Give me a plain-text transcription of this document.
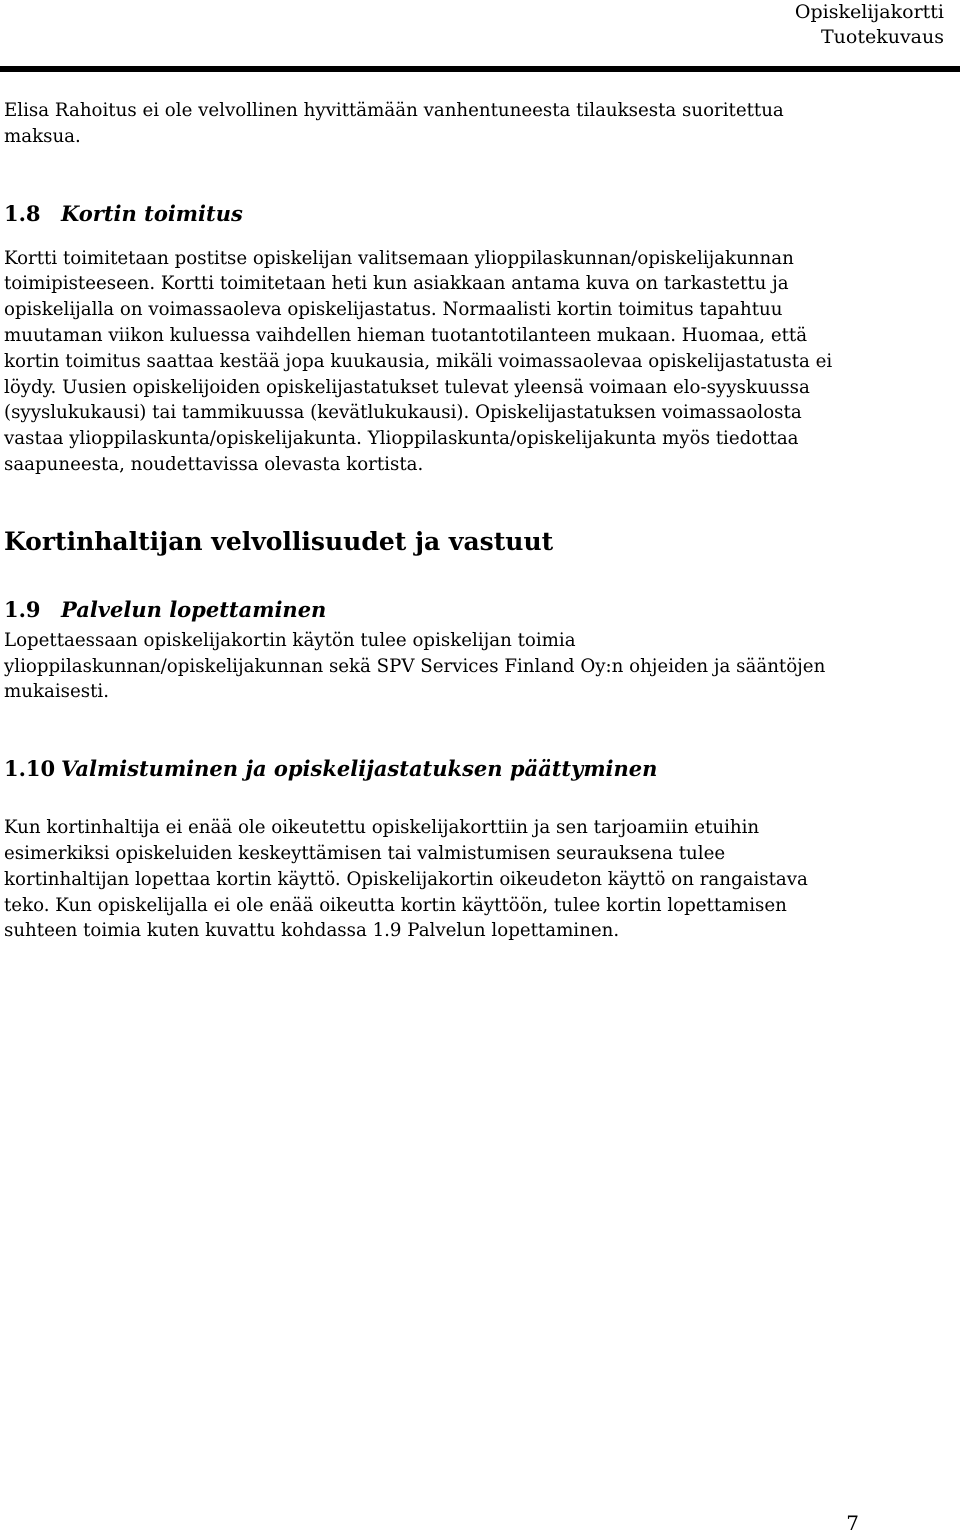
Opiskelijakortti
Tuotekuvaus

Elisa Rahoitus ei ole velvollinen hyvittämään vanhentuneesta tilauksesta suoritettua maksua.

1.8 Kortin toimitus

Kortti toimitetaan postitse opiskelijan valitsemaan ylioppilaskunnan/opiskelijakunnan toimipisteeseen. Kortti toimitetaan heti kun asiakkaan antama kuva on tarkastettu ja opiskelijalla on voimassaoleva opiskelijastatus. Normaalisti kortin toimitus tapahtuu muutaman viikon kuluessa vaihdellen hieman tuotantotilanteen mukaan. Huomaa, että kortin toimitus saattaa kestää jopa kuukausia, mikäli voimassaolevaa opiskelijastatusta ei löydy. Uusien opiskelijoiden opiskelijastatukset tulevat yleensä voimaan elo-syyskuussa (syyslukukausi) tai tammikuussa (kevätlukukausi). Opiskelijastatuksen voimassaolosta vastaa ylioppilaskunta/opiskelijakunta. Ylioppilaskunta/opiskelijakunta myös tiedottaa saapuneesta, noudettavissa olevasta kortista.

Kortinhaltijan velvollisuudet ja vastuut
1.9 Palvelun lopettaminen

Lopettaessaan opiskelijakortin käytön tulee opiskelijan toimia ylioppilaskunnan/opiskelijakunnan sekä SPV Services Finland Oy:n ohjeiden ja sääntöjen mukaisesti.

1.10 Valmistuminen ja opiskelijastatuksen päättyminen

Kun kortinhaltija ei enää ole oikeutettu opiskelijakorttiin ja sen tarjoamiin etuihin esimerkiksi opiskeluiden keskeyttämisen tai valmistumisen seurauksena tulee kortinhaltijan lopettaa kortin käyttö. Opiskelijakortin oikeudeton käyttö on rangaistava teko. Kun opiskelijalla ei ole enää oikeutta kortin käyttöön, tulee kortin lopettamisen suhteen toimia kuten kuvattu kohdassa 1.9 Palvelun lopettaminen.

7
